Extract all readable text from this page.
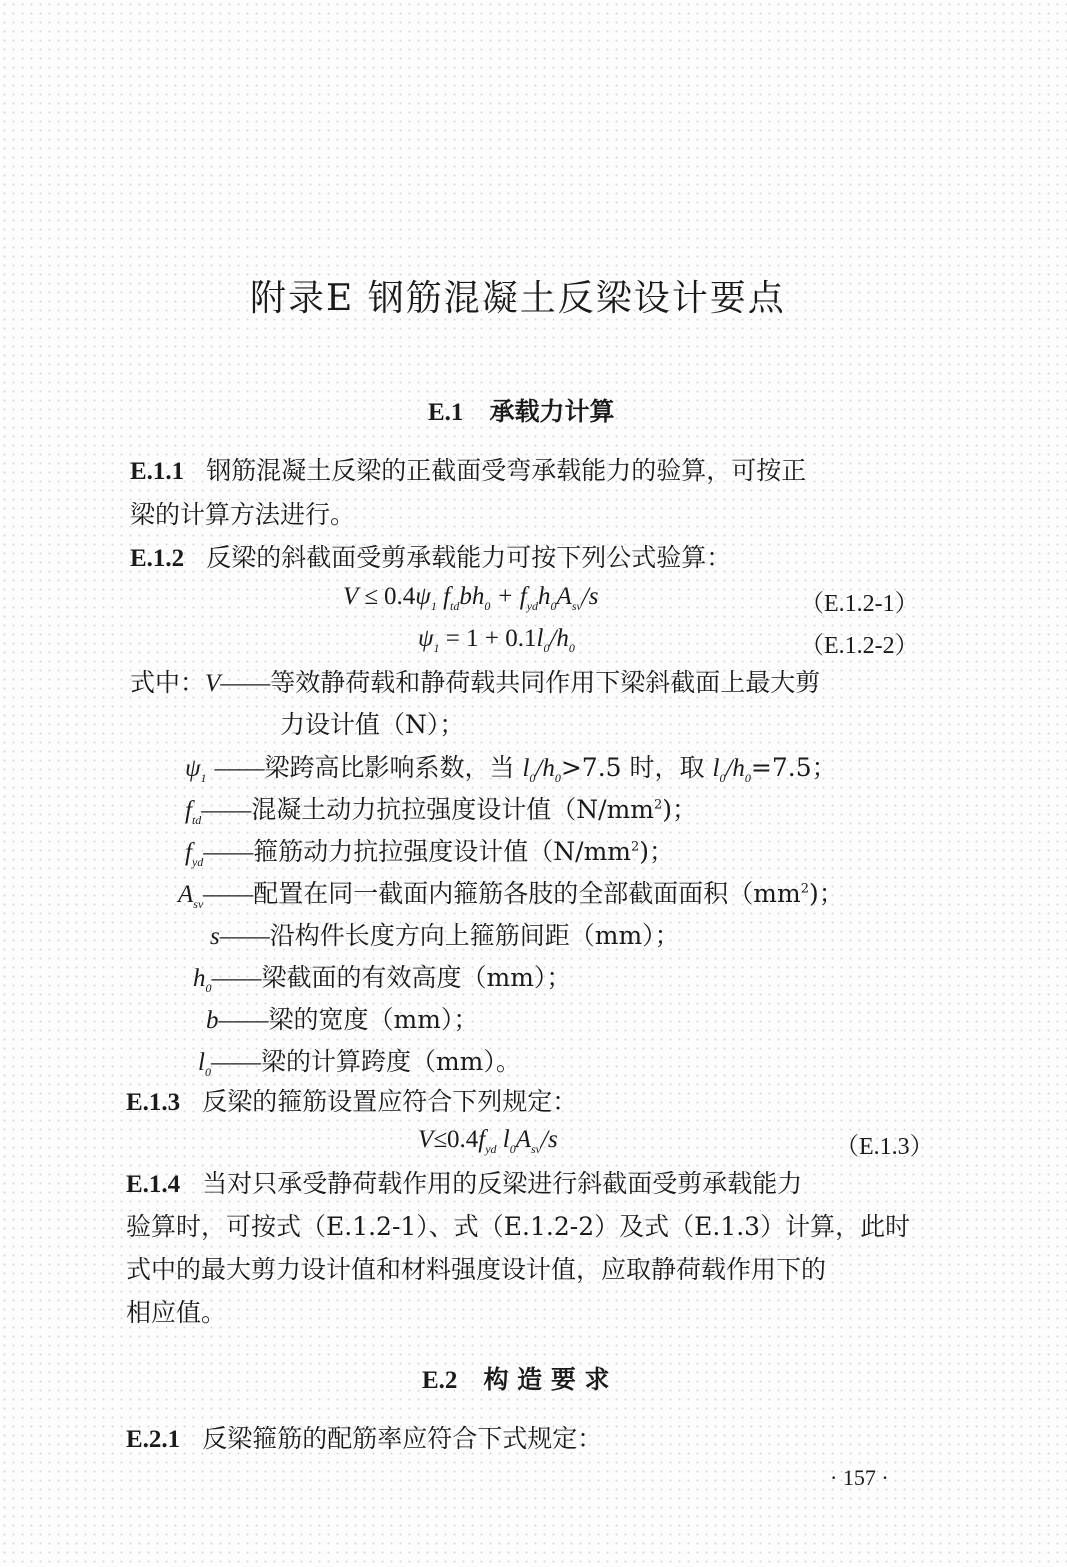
附录E 钢筋混凝土反梁设计要点
E.1 承载力计算
E.1.1 钢筋混凝土反梁的正截面受弯承载能力的验算，可按正
梁的计算方法进行。
E.1.2 反梁的斜截面受剪承载能力可按下列公式验算：
$V \le 0.4\psi_1$ $f_{td}bh_0 + f_{yd}h_0A_{sv}/s$	（E.1.2-1）
$\psi_1 = 1 + 0.1l_0/h_0$	（E.1.2-2）
式中：V——等效静荷载和静荷载共同作用下梁斜截面上最大剪
力设计值（N）；
$\psi_1$ ——梁跨高比影响系数，当 $l_0/h_0>7.5$ 时，取 $l_0/h_0=7.5$；
$f_{td}——$混凝土动力抗拉强度设计值$(N/mm^2)$；
$f_{yd}——$箍筋动力抗拉强度设计值$(N/mm^2)$；
$A_{sv}——$配置在同一截面内箍筋各肢的全部截面面积$(mm^2)$；
s——沿构件长度方向上箍筋间距（mm）；
$h_0——$梁截面的有效高度（mm）；
b——梁的宽度（mm）；
$l_0——$梁的计算跨度（mm）。
E.1.3 反梁的箍筋设置应符合下列规定：
$V\le 0.4f_{yd}$ $l_0A_{sv}/s$	（E.1.3）
E.1.4 当对只承受静荷载作用的反梁进行斜截面受剪承载能力
验算时，可按式（E.1.2-1）、式（E.1.2-2）及式（E.1.3）计算，此时
式中的最大剪力设计值和材料强度设计值，应取静荷载作用下的
相应值。
E.2 构 造 要 求
E.2.1 反梁箍筋的配筋率应符合下式规定：
· 157 ·
